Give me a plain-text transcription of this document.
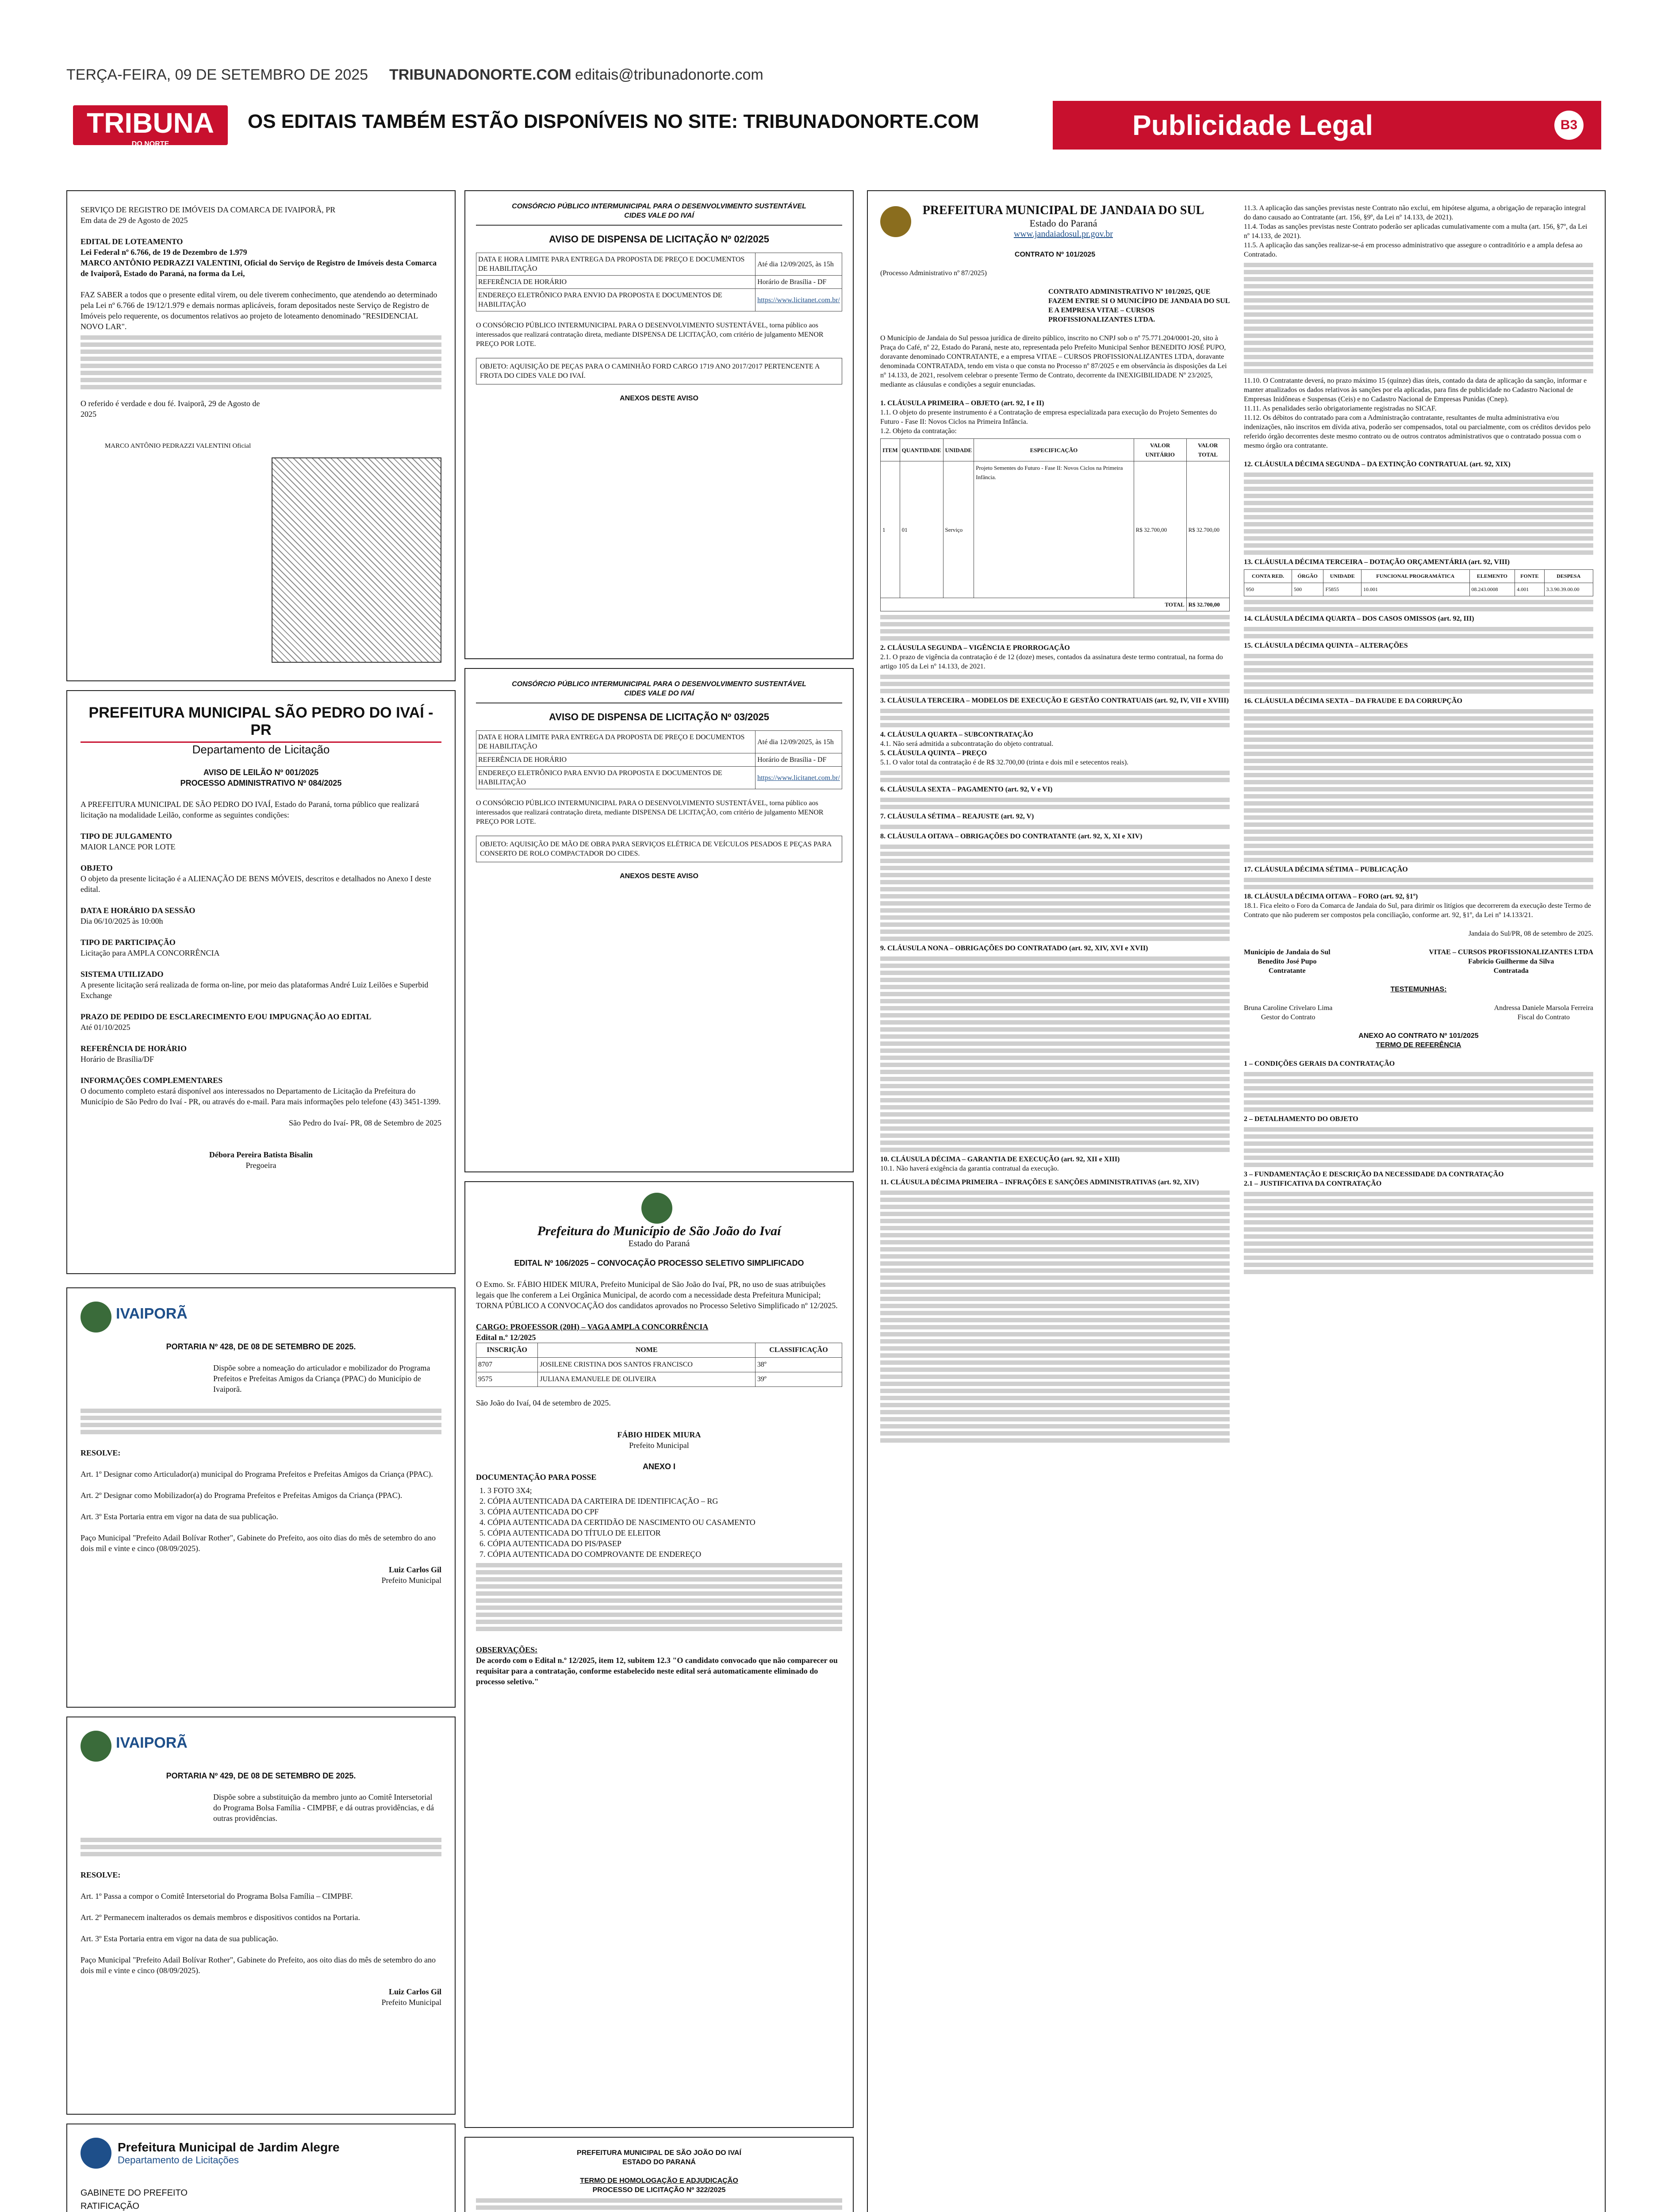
TERÇA-FEIRA, 09 DE SETEMBRO DE 2025 TRIBUNADONORTE.COM editais@tribunadonorte.com
TRIBUNA
DO NORTE
OS EDITAIS TAMBÉM ESTÃO DISPONÍVEIS NO SITE: TRIBUNADONORTE.COM	Publicidade Legal	B3
SERVIÇO DE REGISTRO DE IMÓVEIS DA COMARCA DE IVAIPORÃ, PR
Em data de 29 de Agosto de 2025

EDITAL DE LOTEAMENTO
Lei Federal nº 6.766, de 19 de Dezembro de 1.979
MARCO ANTÔNIO PEDRAZZI VALENTINI, Oficial do Serviço de Registro de Imóveis desta Comarca de Ivaiporã, Estado do Paraná, na forma da Lei,

FAZ SABER a todos que o presente edital virem, ou dele tiverem conhecimento, que atendendo ao determinado pela Lei nº 6.766 de 19/12/1.979 e demais normas aplicáveis, foram depositados neste Serviço de Registro de Imóveis pelo requerente, os documentos relativos ao projeto de loteamento denominado "RESIDENCIAL NOVO LAR".
O referido é verdade e dou fé. Ivaiporã, 29 de Agosto de 2025

MARCO ANTÔNIO PEDRAZZI VALENTINI Oficial
PREFEITURA MUNICIPAL SÃO PEDRO DO IVAÍ - PR
Departamento de Licitação
AVISO DE LEILÃO Nº 001/2025
PROCESSO ADMINISTRATIVO Nº 084/2025

A PREFEITURA MUNICIPAL DE SÃO PEDRO DO IVAÍ, Estado do Paraná, torna público que realizará licitação na modalidade Leilão, conforme as seguintes condições:

TIPO DE JULGAMENTO
MAIOR LANCE POR LOTE

OBJETO
O objeto da presente licitação é a ALIENAÇÃO DE BENS MÓVEIS, descritos e detalhados no Anexo I deste edital.

DATA E HORÁRIO DA SESSÃO
Dia 06/10/2025 às 10:00h

TIPO DE PARTICIPAÇÃO
Licitação para AMPLA CONCORRÊNCIA

SISTEMA UTILIZADO
A presente licitação será realizada de forma on-line, por meio das plataformas André Luiz Leilões e Superbid Exchange

PRAZO DE PEDIDO DE ESCLARECIMENTO E/OU IMPUGNAÇÃO AO EDITAL
Até 01/10/2025

REFERÊNCIA DE HORÁRIO
Horário de Brasília/DF

INFORMAÇÕES COMPLEMENTARES
O documento completo estará disponível aos interessados no Departamento de Licitação da Prefeitura do Município de São Pedro do Ivaí - PR, ou através do e-mail. Para mais informações pelo telefone (43) 3451-1399.

São Pedro do Ivaí- PR, 08 de Setembro de 2025

Débora Pereira Batista Bisalin
Pregoeira
IVAIPORÃ
PORTARIA Nº 428, DE 08 DE SETEMBRO DE 2025.

Dispõe sobre a nomeação do articulador e mobilizador do Programa Prefeitos e Prefeitas Amigos da Criança (PPAC) do Município de Ivaiporã.

RESOLVE:

Art. 1º Designar como Articulador(a) municipal do Programa Prefeitos e Prefeitas Amigos da Criança (PPAC).

Art. 2º Designar como Mobilizador(a) do Programa Prefeitos e Prefeitas Amigos da Criança (PPAC).

Art. 3º Esta Portaria entra em vigor na data de sua publicação.

Paço Municipal "Prefeito Adail Bolívar Rother", Gabinete do Prefeito, aos oito dias do mês de setembro do ano dois mil e vinte e cinco (08/09/2025).

Luiz Carlos Gil
Prefeito Municipal
IVAIPORÃ
PORTARIA Nº 429, DE 08 DE SETEMBRO DE 2025.

Dispõe sobre a substituição da membro junto ao Comitê Intersetorial do Programa Bolsa Família - CIMPBF, e dá outras providências, e dá outras providências.

RESOLVE:

Art. 1º Passa a compor o Comitê Intersetorial do Programa Bolsa Família – CIMPBF.

Art. 2º Permanecem inalterados os demais membros e dispositivos contidos na Portaria.

Art. 3º Esta Portaria entra em vigor na data de sua publicação.

Paço Municipal "Prefeito Adail Bolívar Rother", Gabinete do Prefeito, aos oito dias do mês de setembro do ano dois mil e vinte e cinco (08/09/2025).

Luiz Carlos Gil
Prefeito Municipal

Prefeitura Municipal de Jardim Alegre
Departamento de Licitações
GABINETE DO PREFEITO
RATIFICAÇÃO

CONSÓRCIO PÚBLICO INTERMUNICIPAL PARA O DESENVOLVIMENTO SUSTENTÁVEL
CIDES VALE DO IVAÍ
AVISO DE DISPENSA DE LICITAÇÃO Nº 02/2025
DATA E HORA LIMITE PARA ENTREGA DA PROPOSTA DE PREÇO E DOCUMENTOS DE HABILITAÇÃO	Até dia 12/09/2025, às 15h
REFERÊNCIA DE HORÁRIO	Horário de Brasília - DF
ENDEREÇO ELETRÔNICO PARA ENVIO DA PROPOSTA E DOCUMENTOS DE HABILITAÇÃO	https://www.licitanet.com.br/

O CONSÓRCIO PÚBLICO INTERMUNICIPAL PARA O DESENVOLVIMENTO SUSTENTÁVEL, torna público aos interessados que realizará contratação direta, mediante DISPENSA DE LICITAÇÃO, com critério de julgamento MENOR PREÇO POR LOTE.

OBJETO: AQUISIÇÃO DE PEÇAS PARA O CAMINHÃO FORD CARGO 1719 ANO 2017/2017 PERTENCENTE A FROTA DO CIDES VALE DO IVAÍ.

ANEXOS DESTE AVISO
CONSÓRCIO PÚBLICO INTERMUNICIPAL PARA O DESENVOLVIMENTO SUSTENTÁVEL
CIDES VALE DO IVAÍ
AVISO DE DISPENSA DE LICITAÇÃO Nº 03/2025
DATA E HORA LIMITE PARA ENTREGA DA PROPOSTA DE PREÇO E DOCUMENTOS DE HABILITAÇÃO	Até dia 12/09/2025, às 15h
REFERÊNCIA DE HORÁRIO	Horário de Brasília - DF
ENDEREÇO ELETRÔNICO PARA ENVIO DA PROPOSTA E DOCUMENTOS DE HABILITAÇÃO	https://www.licitanet.com.br/

O CONSÓRCIO PÚBLICO INTERMUNICIPAL PARA O DESENVOLVIMENTO SUSTENTÁVEL, torna público aos interessados que realizará contratação direta, mediante DISPENSA DE LICITAÇÃO, com critério de julgamento MENOR PREÇO POR LOTE.

OBJETO: AQUISIÇÃO DE MÃO DE OBRA PARA SERVIÇOS ELÉTRICA DE VEÍCULOS PESADOS E PEÇAS PARA CONSERTO DE ROLO COMPACTADOR DO CIDES.

ANEXOS DESTE AVISO
Prefeitura do Município de São João do Ivaí
Estado do Paraná
EDITAL Nº 106/2025 – CONVOCAÇÃO PROCESSO SELETIVO SIMPLIFICADO

O Exmo. Sr. FÁBIO HIDEK MIURA, Prefeito Municipal de São João do Ivaí, PR, no uso de suas atribuições legais que lhe conferem a Lei Orgânica Municipal, de acordo com a necessidade desta Prefeitura Municipal;
TORNA PÚBLICO A CONVOCAÇÃO dos candidatos aprovados no Processo Seletivo Simplificado nº 12/2025.

CARGO: PROFESSOR (20H) – VAGA AMPLA CONCORRÊNCIA
Edital n.º 12/2025
INSCRIÇÃO	NOME	CLASSIFICAÇÃO
8707	JOSILENE CRISTINA DOS SANTOS FRANCISCO	38º
9575	JULIANA EMANUELE DE OLIVEIRA	39º

São João do Ivaí, 04 de setembro de 2025.

FÁBIO HIDEK MIURA
Prefeito Municipal

ANEXO I
DOCUMENTAÇÃO PARA POSSE
1. 3 FOTO 3X4;
2. CÓPIA AUTENTICADA DA CARTEIRA DE IDENTIFICAÇÃO – RG
3. CÓPIA AUTENTICADA DO CPF
4. CÓPIA AUTENTICADA DA CERTIDÃO DE NASCIMENTO OU CASAMENTO
5. CÓPIA AUTENTICADA DO TÍTULO DE ELEITOR
6. CÓPIA AUTENTICADA DO PIS/PASEP
7. CÓPIA AUTENTICADA DO COMPROVANTE DE ENDEREÇO

OBSERVAÇÕES:
De acordo com o Edital n.º 12/2025, item 12, subitem 12.3 "O candidato convocado que não comparecer ou requisitar para a contratação, conforme estabelecido neste edital será automaticamente eliminado do processo seletivo."
PREFEITURA MUNICIPAL DE SÃO JOÃO DO IVAÍ
ESTADO DO PARANÁ

TERMO DE HOMOLOGAÇÃO E ADJUDICAÇÃO
PROCESSO DE LICITAÇÃO Nº 322/2025

PREFEITURA MUNICIPAL DE JANDAIA DO SUL
Estado do Paraná
www.jandaiadosul.pr.gov.br
CONTRATO Nº 101/2025

(Processo Administrativo nº 87/2025)

CONTRATO ADMINISTRATIVO Nº 101/2025, QUE FAZEM ENTRE SI O MUNICÍPIO DE JANDAIA DO SUL E A EMPRESA VITAE – CURSOS PROFISSIONALIZANTES LTDA.

O Município de Jandaia do Sul pessoa jurídica de direito público, inscrito no CNPJ sob o nº 75.771.204/0001-20, sito à Praça do Café, nº 22, Estado do Paraná, neste ato, representada pelo Prefeito Municipal Senhor BENEDITO JOSÉ PUPO, doravante denominado CONTRATANTE, e a empresa VITAE – CURSOS PROFISSIONALIZANTES LTDA, doravante denominada CONTRATADA, tendo em vista o que consta no Processo nº 87/2025 e em observância às disposições da Lei nº 14.133, de 2021, resolvem celebrar o presente Termo de Contrato, decorrente da INEXIGIBILIDADE Nº 23/2025, mediante as cláusulas e condições a seguir enunciadas.

1. CLÁUSULA PRIMEIRA – OBJETO (art. 92, I e II)
1.1. O objeto do presente instrumento é a Contratação de empresa especializada para execução do Projeto Sementes do Futuro - Fase II: Novos Ciclos na Primeira Infância.
1.2. Objeto da contratação:
ITEM	QUANTIDADE	UNIDADE	ESPECIFICAÇÃO	VALOR UNITÁRIO	VALOR TOTAL
1	01	Serviço	Projeto Sementes do Futuro - Fase II: Novos Ciclos na Primeira Infância.	R$ 32.700,00	R$ 32.700,00
TOTAL					R$ 32.700,00
2. CLÁUSULA SEGUNDA – VIGÊNCIA E PRORROGAÇÃO
2.1. O prazo de vigência da contratação é de 12 (doze) meses, contados da assinatura deste termo contratual, na forma do artigo 105 da Lei nº 14.133, de 2021.
3. CLÁUSULA TERCEIRA – MODELOS DE EXECUÇÃO E GESTÃO CONTRATUAIS (art. 92, IV, VII e XVIII)
4. CLÁUSULA QUARTA – SUBCONTRATAÇÃO
4.1. Não será admitida a subcontratação do objeto contratual.
5. CLÁUSULA QUINTA – PREÇO
5.1. O valor total da contratação é de R$ 32.700,00 (trinta e dois mil e setecentos reais).
6. CLÁUSULA SEXTA – PAGAMENTO (art. 92, V e VI)
7. CLÁUSULA SÉTIMA – REAJUSTE (art. 92, V)
8. CLÁUSULA OITAVA – OBRIGAÇÕES DO CONTRATANTE (art. 92, X, XI e XIV)
9. CLÁUSULA NONA – OBRIGAÇÕES DO CONTRATADO (art. 92, XIV, XVI e XVII)
10. CLÁUSULA DÉCIMA – GARANTIA DE EXECUÇÃO (art. 92, XII e XIII)
10.1. Não haverá exigência da garantia contratual da execução.
11. CLÁUSULA DÉCIMA PRIMEIRA – INFRAÇÕES E SANÇÕES ADMINISTRATIVAS (art. 92, XIV)
11.3. A aplicação das sanções previstas neste Contrato não exclui, em hipótese alguma, a obrigação de reparação integral do dano causado ao Contratante (art. 156, §9º, da Lei nº 14.133, de 2021).
11.4. Todas as sanções previstas neste Contrato poderão ser aplicadas cumulativamente com a multa (art. 156, §7º, da Lei nº 14.133, de 2021).
11.5. A aplicação das sanções realizar-se-á em processo administrativo que assegure o contraditório e a ampla defesa ao Contratado.
11.10. O Contratante deverá, no prazo máximo 15 (quinze) dias úteis, contado da data de aplicação da sanção, informar e manter atualizados os dados relativos às sanções por ela aplicadas, para fins de publicidade no Cadastro Nacional de Empresas Inidôneas e Suspensas (Ceis) e no Cadastro Nacional de Empresas Punidas (Cnep).
11.11. As penalidades serão obrigatoriamente registradas no SICAF.
11.12. Os débitos do contratado para com a Administração contratante, resultantes de multa administrativa e/ou indenizações, não inscritos em dívida ativa, poderão ser compensados, total ou parcialmente, com os créditos devidos pelo referido órgão decorrentes deste mesmo contrato ou de outros contratos administrativos que o contratado possua com o mesmo órgão ora contratante.

12. CLÁUSULA DÉCIMA SEGUNDA – DA EXTINÇÃO CONTRATUAL (art. 92, XIX)
13. CLÁUSULA DÉCIMA TERCEIRA – DOTAÇÃO ORÇAMENTÁRIA (art. 92, VIII)
CONTA RED.	ÓRGÃO	UNIDADE	FUNCIONAL PROGRAMÁTICA	ELEMENTO	FONTE	DESPESA
950	500	F5855	10.001	08.243.0008	4.001	3.3.90.39.00.00
14. CLÁUSULA DÉCIMA QUARTA – DOS CASOS OMISSOS (art. 92, III)
15. CLÁUSULA DÉCIMA QUINTA – ALTERAÇÕES
16. CLÁUSULA DÉCIMA SEXTA – DA FRAUDE E DA CORRUPÇÃO
17. CLÁUSULA DÉCIMA SÉTIMA – PUBLICAÇÃO
18. CLÁUSULA DÉCIMA OITAVA – FORO (art. 92, §1º)
18.1. Fica eleito o Foro da Comarca de Jandaia do Sul, para dirimir os litígios que decorrerem da execução deste Termo de Contrato que não puderem ser compostos pela conciliação, conforme art. 92, §1º, da Lei nº 14.133/21.

Jandaia do Sul/PR, 08 de setembro de 2025.

Município de Jandaia do Sul
Benedito José Pupo
Contratante
VITAE – CURSOS PROFISSIONALIZANTES LTDA
Fabricio Guilherme da Silva
Contratada

TESTEMUNHAS:

Bruna Caroline Crivelaro Lima
Gestor do Contrato
Andressa Daniele Marsola Ferreira
Fiscal do Contrato

ANEXO AO CONTRATO Nº 101/2025
TERMO DE REFERÊNCIA

1 – CONDIÇÕES GERAIS DA CONTRATAÇÃO
2 – DETALHAMENTO DO OBJETO
3 – FUNDAMENTAÇÃO E DESCRIÇÃO DA NECESSIDADE DA CONTRATAÇÃO
2.1 – JUSTIFICATIVA DA CONTRATAÇÃO
